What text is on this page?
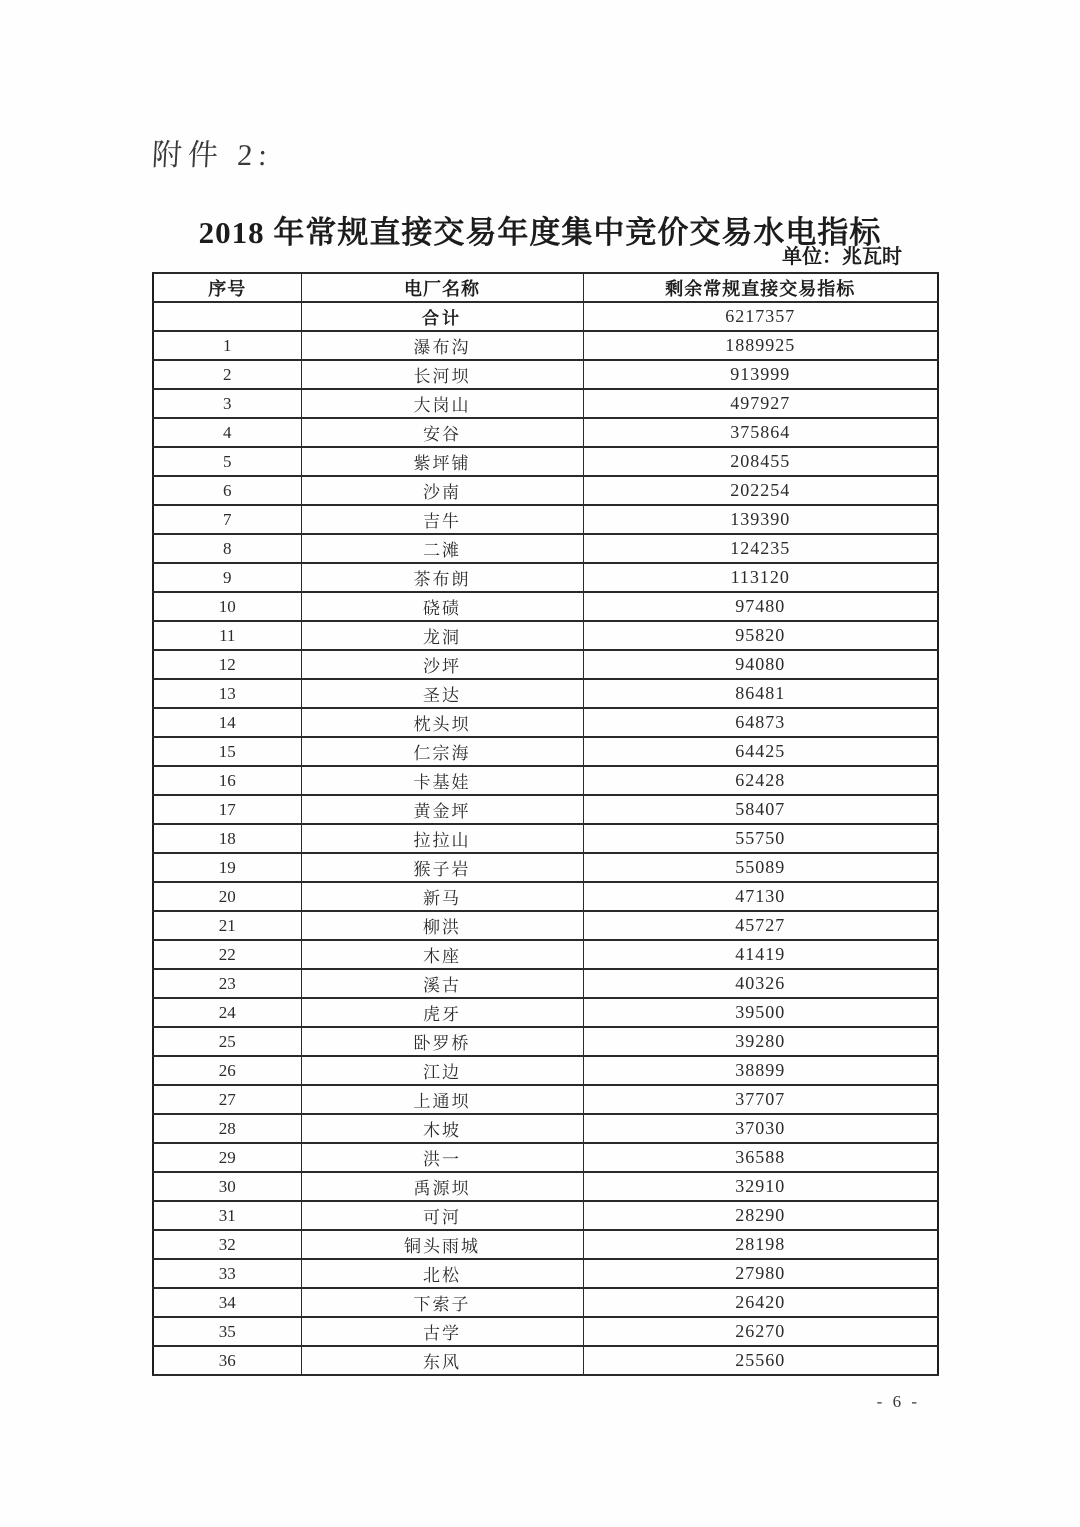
附件 2:
2018 年常规直接交易年度集中竞价交易水电指标
单位：兆瓦时
序号	电厂名称	剩余常规直接交易指标
	合计	6217357
1	瀑布沟	1889925
2	长河坝	913999
3	大岗山	497927
4	安谷	375864
5	紫坪铺	208455
6	沙南	202254
7	吉牛	139390
8	二滩	124235
9	茶布朗	113120
10	硗碛	97480
11	龙洞	95820
12	沙坪	94080
13	圣达	86481
14	枕头坝	64873
15	仁宗海	64425
16	卡基娃	62428
17	黄金坪	58407
18	拉拉山	55750
19	猴子岩	55089
20	新马	47130
21	柳洪	45727
22	木座	41419
23	溪古	40326
24	虎牙	39500
25	卧罗桥	39280
26	江边	38899
27	上通坝	37707
28	木坡	37030
29	洪一	36588
30	禹源坝	32910
31	可河	28290
32	铜头雨城	28198
33	北松	27980
34	下索子	26420
35	古学	26270
36	东风	25560
- 6 -
